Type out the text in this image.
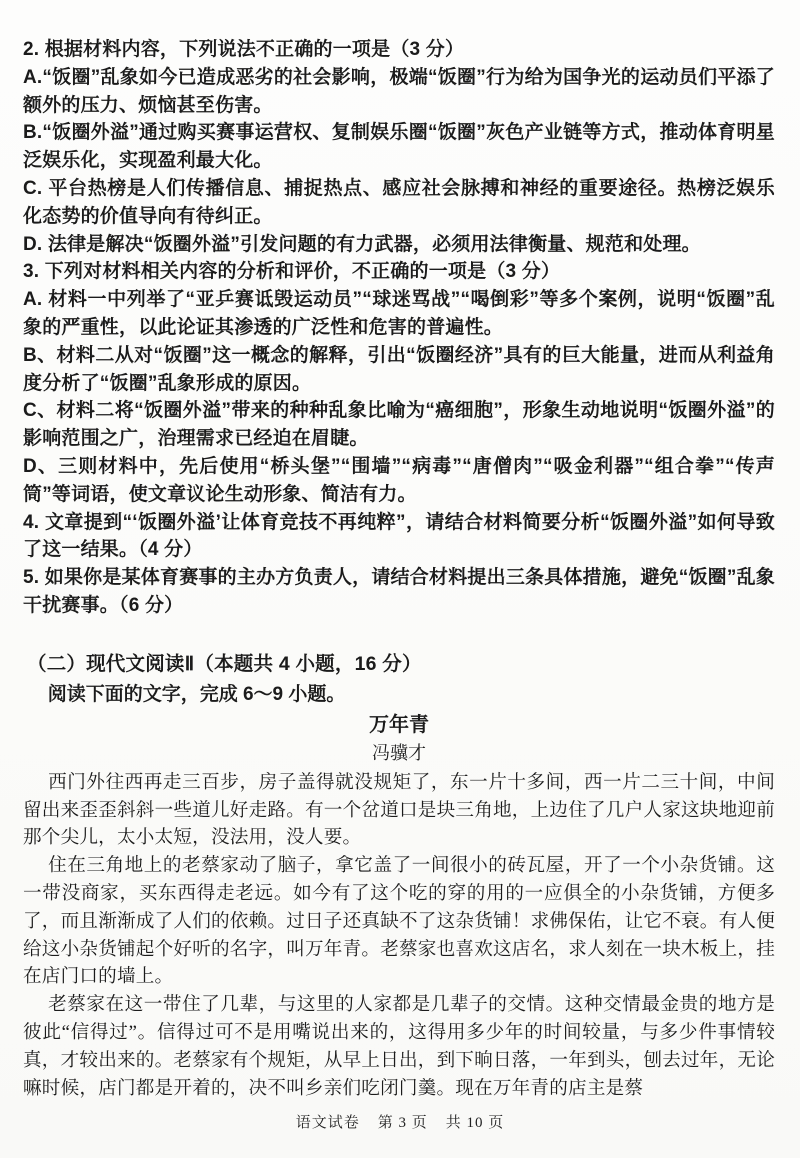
2. 根据材料内容，下列说法不正确的一项是（3 分）

A.“饭圈”乱象如今已造成恶劣的社会影响，极端“饭圈”行为给为国争光的运动员们平添了额外的压力、烦恼甚至伤害。

B.“饭圈外溢”通过购买赛事运营权、复制娱乐圈“饭圈”灰色产业链等方式，推动体育明星泛娱乐化，实现盈利最大化。

C. 平台热榜是人们传播信息、捕捉热点、感应社会脉搏和神经的重要途径。热榜泛娱乐化态势的价值导向有待纠正。

D. 法律是解决“饭圈外溢”引发问题的有力武器，必须用法律衡量、规范和处理。

3. 下列对材料相关内容的分析和评价，不正确的一项是（3 分）

A. 材料一中列举了“亚乒赛诋毁运动员”“球迷骂战”“喝倒彩”等多个案例，说明“饭圈”乱象的严重性，以此论证其渗透的广泛性和危害的普遍性。

B、材料二从对“饭圈”这一概念的解释，引出“饭圈经济”具有的巨大能量，进而从利益角度分析了“饭圈”乱象形成的原因。

C、材料二将“饭圈外溢”带来的种种乱象比喻为“癌细胞”，形象生动地说明“饭圈外溢”的影响范围之广，治理需求已经迫在眉睫。

D、三则材料中，先后使用“桥头堡”“围墙”“病毒”“唐僧肉”“吸金利器”“组合拳”“传声筒”等词语，使文章议论生动形象、简洁有力。

4. 文章提到“‘饭圈外溢’让体育竞技不再纯粹”，请结合材料简要分析“饭圈外溢”如何导致了这一结果。（4 分）

5. 如果你是某体育赛事的主办方负责人，请结合材料提出三条具体措施，避免“饭圈”乱象干扰赛事。（6 分）

（二）现代文阅读Ⅱ（本题共 4 小题，16 分）

阅读下面的文字，完成 6～9 小题。

万年青

冯骥才

西门外往西再走三百步，房子盖得就没规矩了，东一片十多间，西一片二三十间，中间留出来歪歪斜斜一些道儿好走路。有一个岔道口是块三角地，上边住了几户人家这块地迎前那个尖儿，太小太短，没法用，没人要。

住在三角地上的老蔡家动了脑子，拿它盖了一间很小的砖瓦屋，开了一个小杂货铺。这一带没商家，买东西得走老远。如今有了这个吃的穿的用的一应俱全的小杂货铺，方便多了，而且渐渐成了人们的依赖。过日子还真缺不了这杂货铺！求佛保佑，让它不衰。有人便给这小杂货铺起个好听的名字，叫万年青。老蔡家也喜欢这店名，求人刻在一块木板上，挂在店门口的墙上。

老蔡家在这一带住了几辈，与这里的人家都是几辈子的交情。这种交情最金贵的地方是彼此“信得过”。信得过可不是用嘴说出来的，这得用多少年的时间较量，与多少件事情较真，才较出来的。老蔡家有个规矩，从早上日出，到下晌日落，一年到头，刨去过年，无论嘛时候，店门都是开着的，决不叫乡亲们吃闭门羹。现在万年青的店主是蔡

语文试卷 第 3 页 共 10 页
